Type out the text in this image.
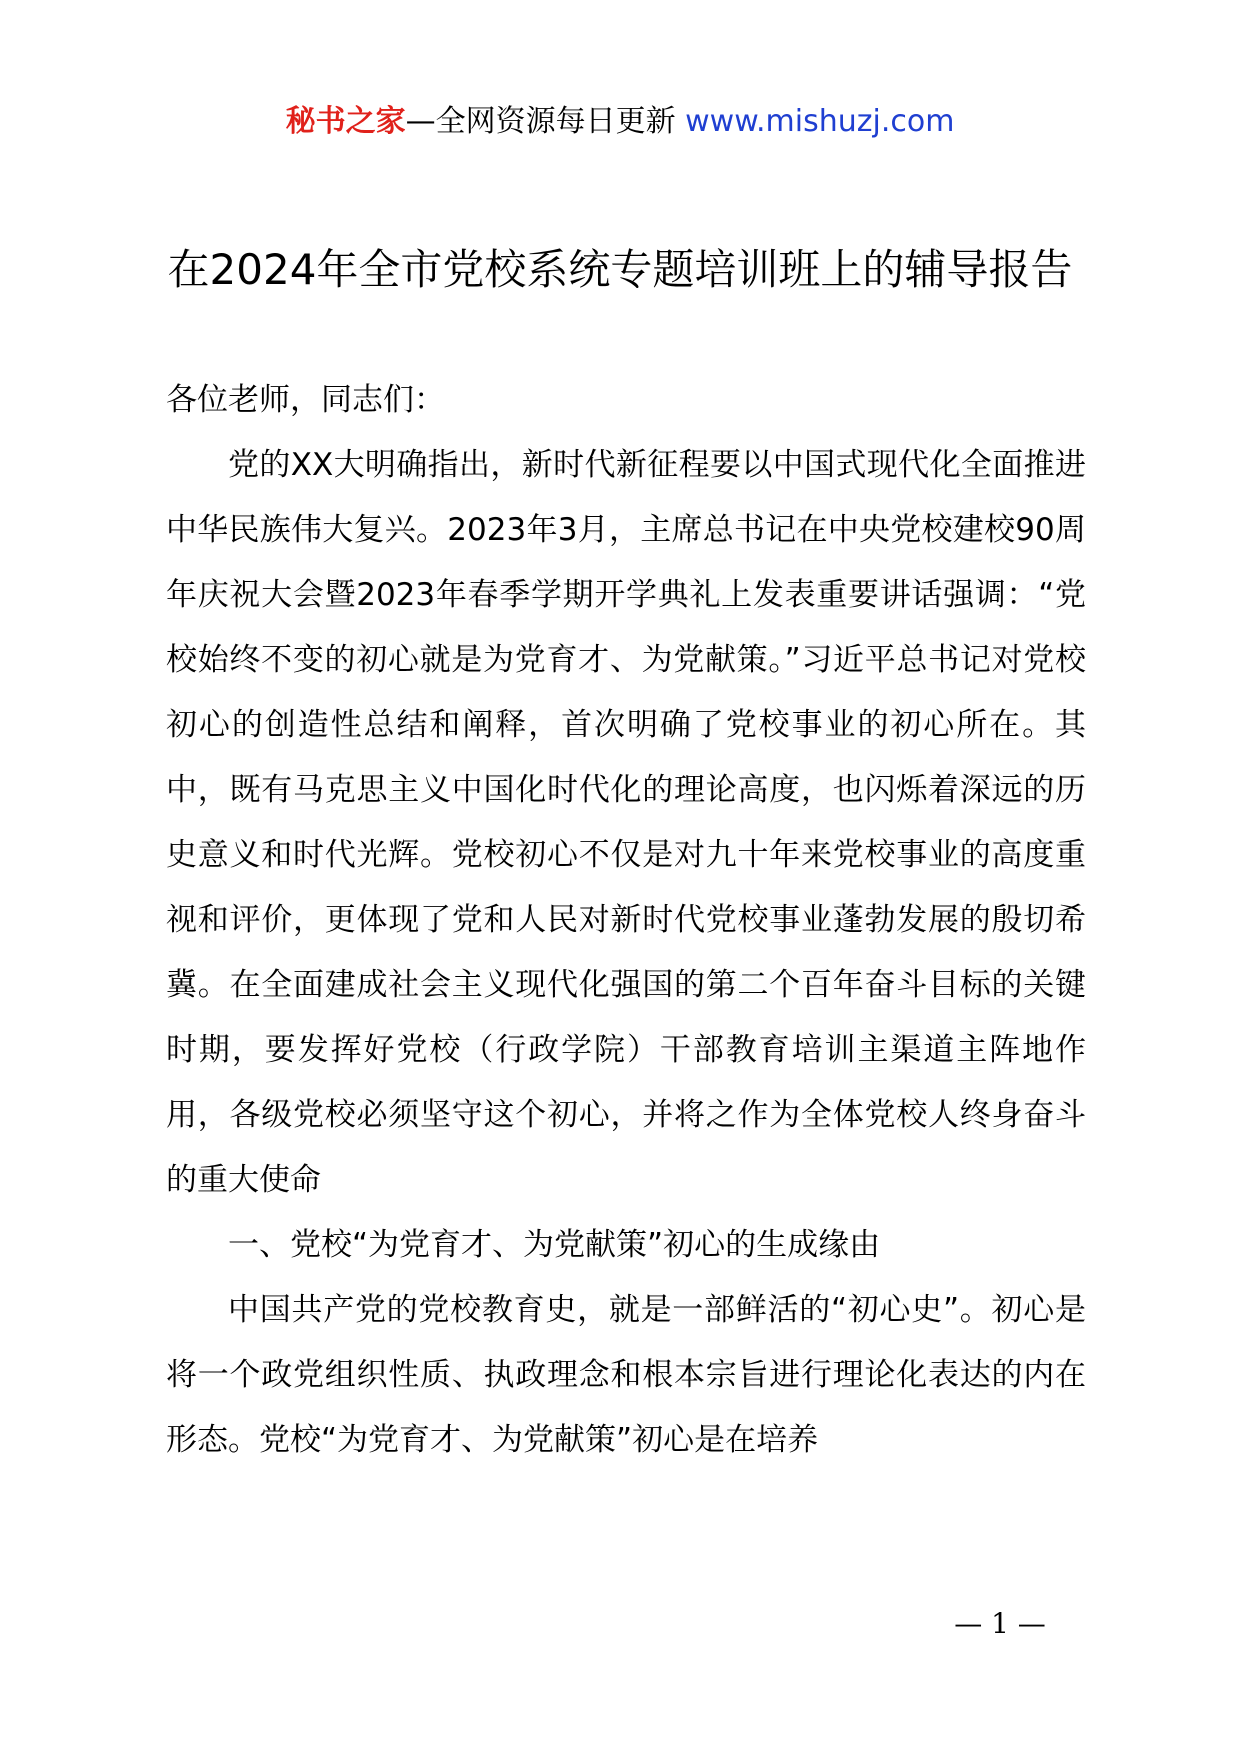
秘书之家—全网资源每日更新 www.mishuzj.com
在2024年全市党校系统专题培训班上的辅导报告

各位老师，同志们：

党的XX大明确指出，新时代新征程要以中国式现代化全面推进中华民族伟大复兴。2023年3月，主席总书记在中央党校建校90周年庆祝大会暨2023年春季学期开学典礼上发表重要讲话强调：“党校始终不变的初心就是为党育才、为党献策。”习近平总书记对党校初心的创造性总结和阐释，首次明确了党校事业的初心所在。其中，既有马克思主义中国化时代化的理论高度，也闪烁着深远的历史意义和时代光辉。党校初心不仅是对九十年来党校事业的高度重视和评价，更体现了党和人民对新时代党校事业蓬勃发展的殷切希冀。在全面建成社会主义现代化强国的第二个百年奋斗目标的关键时期，要发挥好党校（行政学院）干部教育培训主渠道主阵地作用，各级党校必须坚守这个初心，并将之作为全体党校人终身奋斗的重大使命

一、党校“为党育才、为党献策”初心的生成缘由

中国共产党的党校教育史，就是一部鲜活的“初心史”。初心是将一个政党组织性质、执政理念和根本宗旨进行理论化表达的内在形态。党校“为党育才、为党献策”初心是在培养

— 1 —
